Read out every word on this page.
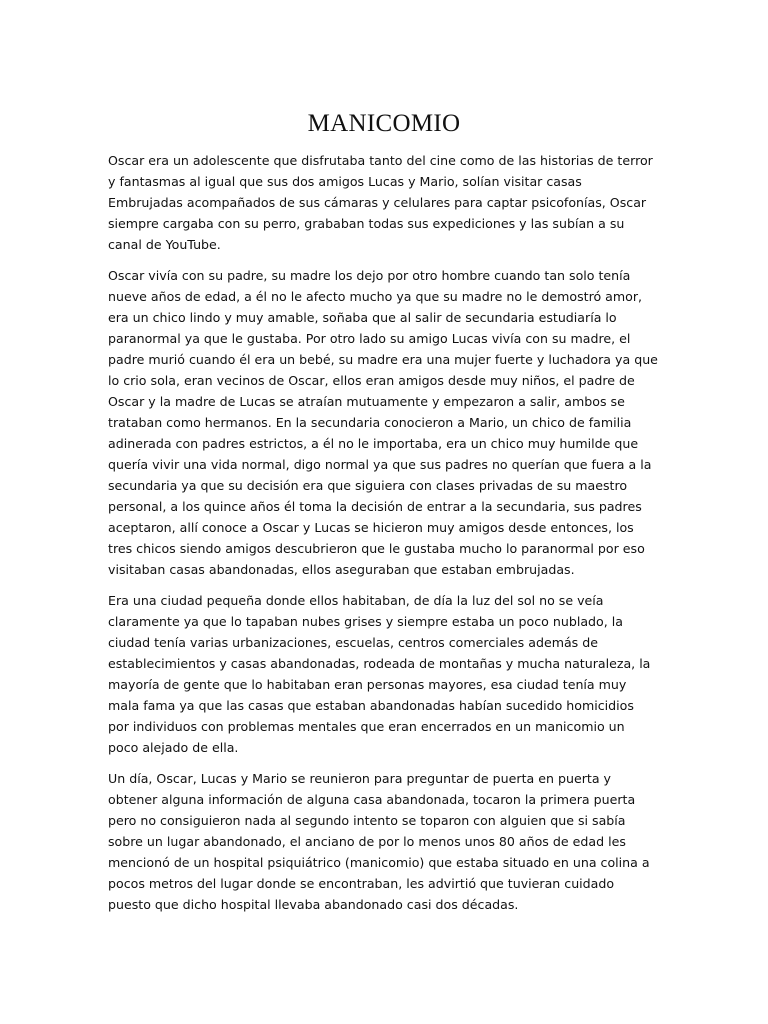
MANICOMIO

Oscar era un adolescente que disfrutaba tanto del cine como de las historias de terror y fantasmas al igual que sus dos amigos Lucas y Mario, solían visitar casas Embrujadas acompañados de sus cámaras y celulares para captar psicofonías, Oscar siempre cargaba con su perro, grababan todas sus expediciones y las subían a su canal de YouTube.

Oscar vivía con su padre, su madre los dejo por otro hombre cuando tan solo tenía nueve años de edad, a él no le afecto mucho ya que su madre no le demostró amor, era un chico lindo y muy amable, soñaba que al salir de secundaria estudiaría lo paranormal ya que le gustaba. Por otro lado su amigo Lucas vivía con su madre, el padre murió cuando él era un bebé, su madre era una mujer fuerte y luchadora ya que lo crio sola, eran vecinos de Oscar, ellos eran amigos desde muy niños, el padre de Oscar y la madre de Lucas se atraían mutuamente y empezaron a salir, ambos se trataban como hermanos. En la secundaria conocieron a Mario, un chico de familia adinerada con padres estrictos, a él no le importaba, era un chico muy humilde que quería vivir una vida normal, digo normal ya que sus padres no querían que fuera a la secundaria ya que su decisión era que siguiera con clases privadas de su maestro personal, a los quince años él toma la decisión de entrar a la secundaria, sus padres aceptaron, allí conoce a Oscar y Lucas se hicieron muy amigos desde entonces, los tres chicos siendo amigos descubrieron que le gustaba mucho lo paranormal por eso visitaban casas abandonadas, ellos aseguraban que estaban embrujadas.

Era una ciudad pequeña donde ellos habitaban, de día la luz del sol no se veía claramente ya que lo tapaban nubes grises y siempre estaba un poco nublado, la ciudad tenía varias urbanizaciones, escuelas, centros comerciales además de establecimientos y casas abandonadas, rodeada de montañas y mucha naturaleza, la mayoría de gente que lo habitaban eran personas mayores, esa ciudad tenía muy mala fama ya que las casas que estaban abandonadas habían sucedido homicidios por individuos con problemas mentales que eran encerrados en un manicomio un poco alejado de ella.

Un día, Oscar, Lucas y Mario se reunieron para preguntar de puerta en puerta y obtener alguna información de alguna casa abandonada, tocaron la primera puerta pero no consiguieron nada al segundo intento se toparon con alguien que si sabía sobre un lugar abandonado, el anciano de por lo menos unos 80 años de edad les mencionó de un hospital psiquiátrico (manicomio) que estaba situado en una colina a pocos metros del lugar donde se encontraban, les advirtió que tuvieran cuidado puesto que dicho hospital llevaba abandonado casi dos décadas.
